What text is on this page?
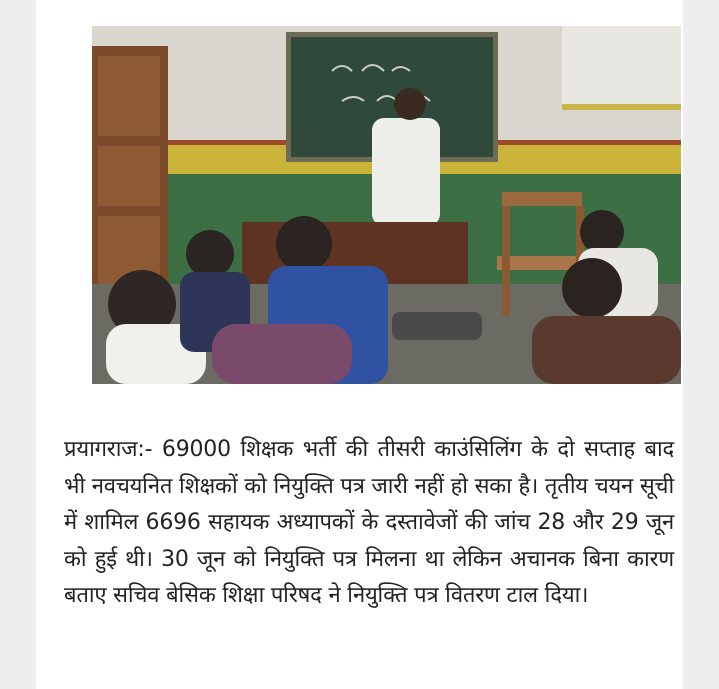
प्रयागराज:- 69000 शिक्षक भर्ती की तीसरी काउंसिलिंग के दो सप्ताह बाद भी नवचयनित शिक्षकों को नियुक्ति पत्र जारी नहीं हो सका है। तृतीय चयन सूची में शामिल 6696 सहायक अध्यापकों के दस्तावेजों की जांच 28 और 29 जून को हुई थी। 30 जून को नियुक्ति पत्र मिलना था लेकिन अचानक बिना कारण बताए सचिव बेसिक शिक्षा परिषद ने नियुक्ति पत्र वितरण टाल दिया।
